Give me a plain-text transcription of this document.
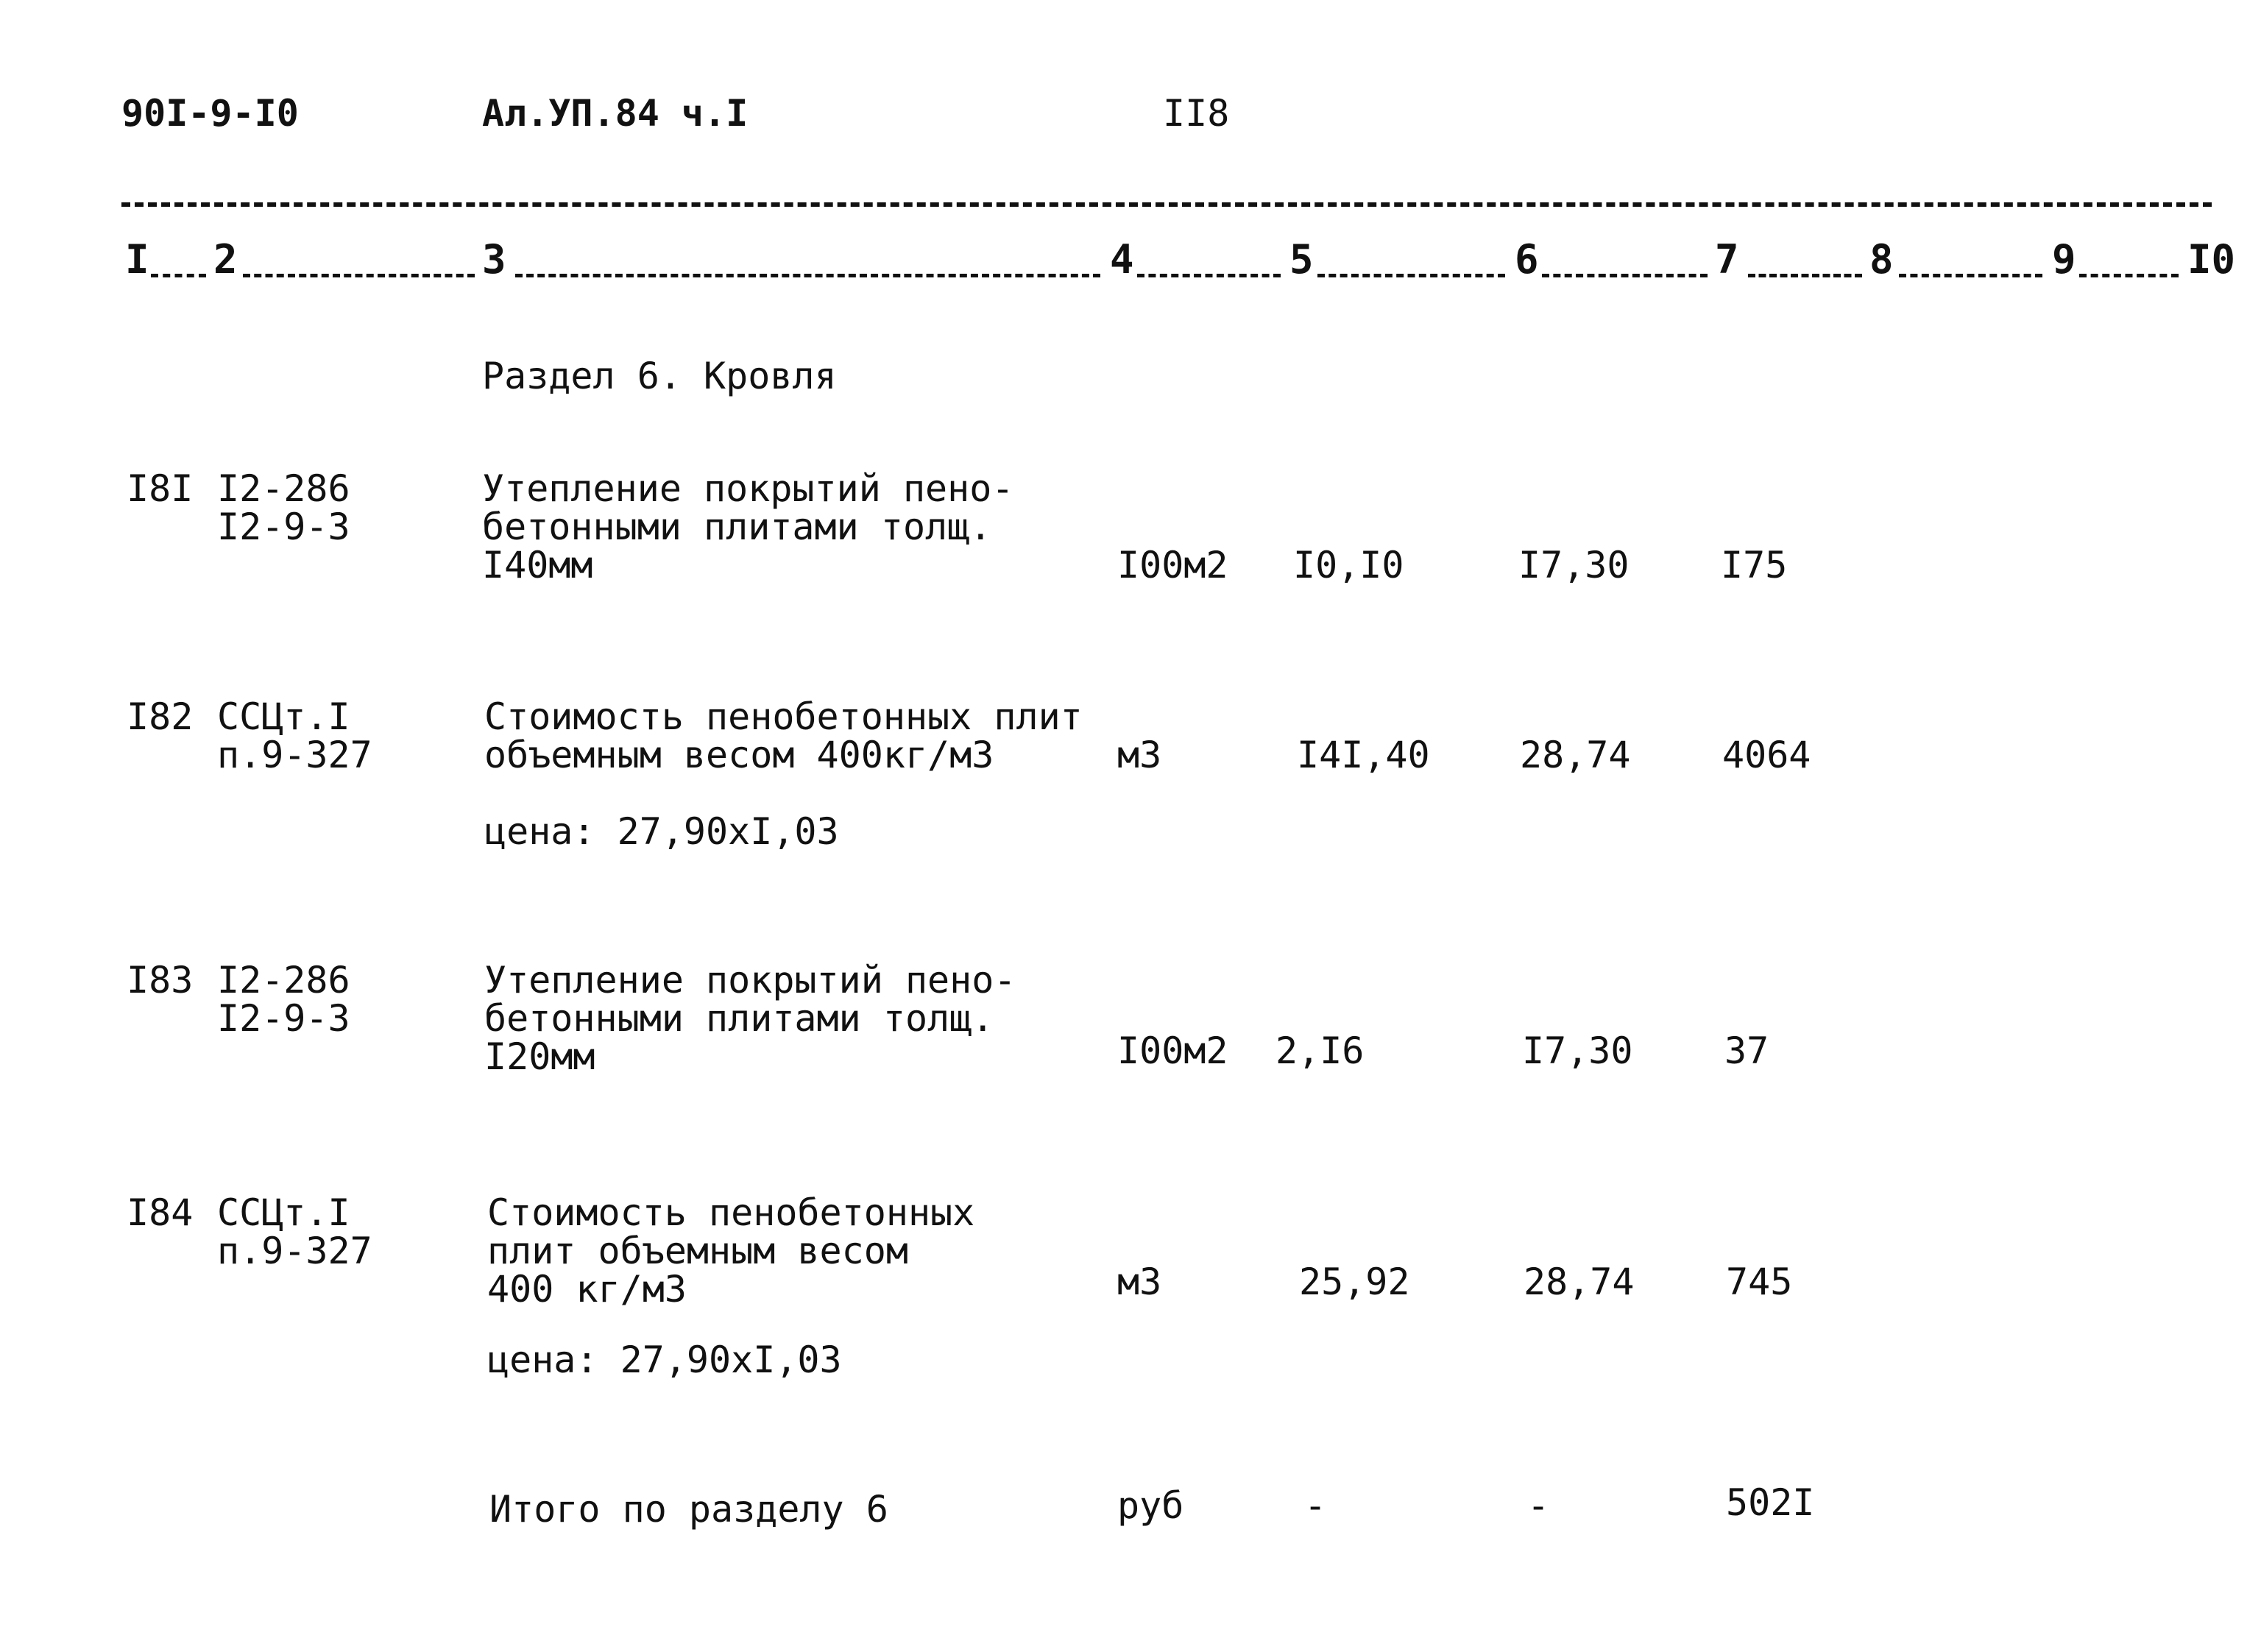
90I-9-I0	Ал.УП.84 ч.I	II8
I 2	3	4	5	6	7	8	9	I0
Раздел 6. Кровля
I8I I2-286
I2-9-3
Утепление покрытий пено-
бетонными плитами толщ.
I40мм	I00м2 I0,I0	I7,30 I75
I82 ССЦт.I
п.9-327
Стоимость пенобетонных плит
объемным весом 400кг/м3
цена: 27,90хI,03
м3	I4I,40 28,74 4064
I83 I2-286
I2-9-3
Утепление покрытий пено-
бетонными плитами толщ.
I20мм	I00м2 2,I6	I7,30 37
I84 ССЦт.I
п.9-327
Стоимость пенобетонных
плит объемным весом
400 кг/м3
цена: 27,90хI,03
м3	25,92	28,74 745
Итого по разделу 6	руб	-	-	502I
